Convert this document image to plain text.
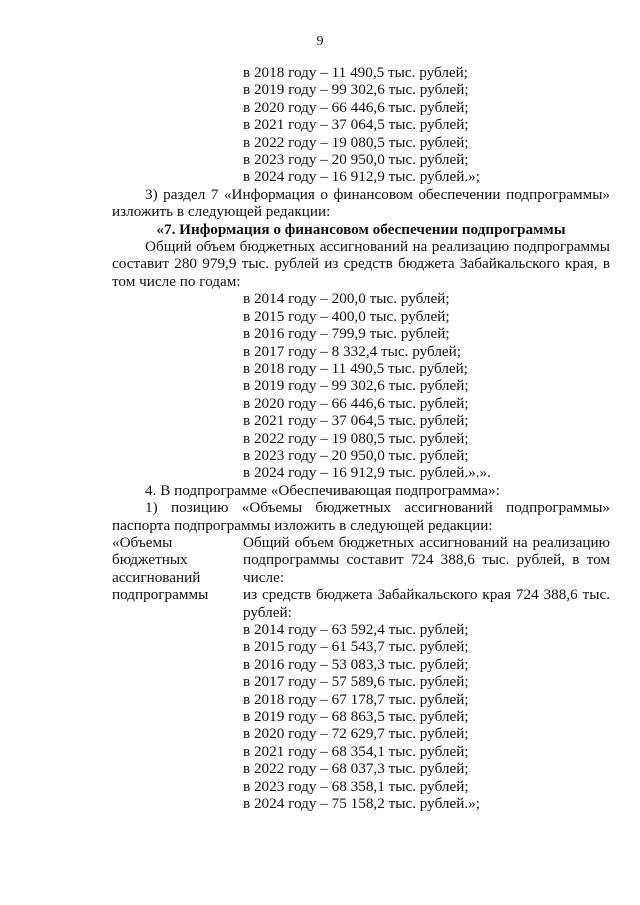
9
в 2018 году – 11 490,5 тыс. рублей;
в 2019 году – 99 302,6 тыс. рублей;
в 2020 году – 66 446,6 тыс. рублей;
в 2021 году – 37 064,5 тыс. рублей;
в 2022 году – 19 080,5 тыс. рублей;
в 2023 году – 20 950,0 тыс. рублей;
в 2024 году – 16 912,9 тыс. рублей.»;

3) раздел 7 «Информация о финансовом обеспечении подпрограммы» изложить в следующей редакции:

«7. Информация о финансовом обеспечении подпрограммы

Общий объем бюджетных ассигнований на реализацию подпрограммы составит 280 979,9 тыс. рублей из средств бюджета Забайкальского края, в том числе по годам:

в 2014 году – 200,0 тыс. рублей;
в 2015 году – 400,0 тыс. рублей;
в 2016 году – 799,9 тыс. рублей;
в 2017 году – 8 332,4 тыс. рублей;
в 2018 году – 11 490,5 тыс. рублей;
в 2019 году – 99 302,6 тыс. рублей;
в 2020 году – 66 446,6 тыс. рублей;
в 2021 году – 37 064,5 тыс. рублей;
в 2022 году – 19 080,5 тыс. рублей;
в 2023 году – 20 950,0 тыс. рублей;
в 2024 году – 16 912,9 тыс. рублей.».».

4. В подпрограмме «Обеспечивающая подпрограмма»:

1) позицию «Объемы бюджетных ассигнований подпрограммы» паспорта подпрограммы изложить в следующей редакции:

«Объемы
бюджетных
ассигнований
подпрограммы
Общий объем бюджетных ассигнований на реализацию подпрограммы составит 724 388,6 тыс. рублей, в том числе:
из средств бюджета Забайкальского края 724 388,6 тыс. рублей:
в 2014 году – 63 592,4 тыс. рублей;
в 2015 году – 61 543,7 тыс. рублей;
в 2016 году – 53 083,3 тыс. рублей;
в 2017 году – 57 589,6 тыс. рублей;
в 2018 году – 67 178,7 тыс. рублей;
в 2019 году – 68 863,5 тыс. рублей;
в 2020 году – 72 629,7 тыс. рублей;
в 2021 году – 68 354,1 тыс. рублей;
в 2022 году – 68 037,3 тыс. рублей;
в 2023 году – 68 358,1 тыс. рублей;
в 2024 году – 75 158,2 тыс. рублей.»;
